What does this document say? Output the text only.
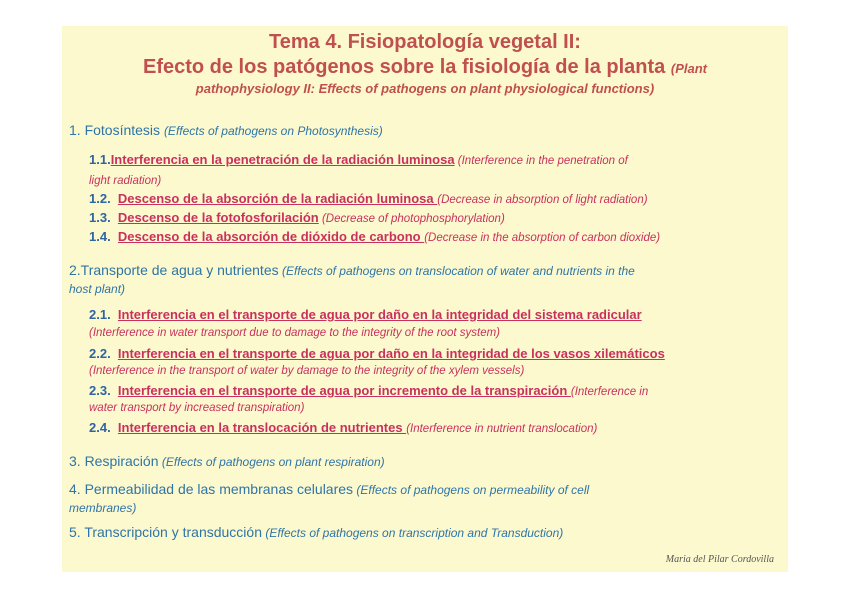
Tema 4. Fisiopatología vegetal II:
Efecto de los patógenos sobre la fisiología de la planta (Plant
pathophysiology II: Effects of pathogens on plant physiological functions)
1. Fotosíntesis (Effects of pathogens on Photosynthesis)
1.1.Interferencia en la penetración de la radiación luminosa (Interference in the penetration of
light radiation)
1.2. Descenso de la absorción de la radiación luminosa (Decrease in absorption of light radiation)
1.3. Descenso de la fotofosforilación (Decrease of photophosphorylation)
1.4. Descenso de la absorción de dióxido de carbono (Decrease in the absorption of carbon dioxide)
2.Transporte de agua y nutrientes (Effects of pathogens on translocation of water and nutrients in the
host plant)
2.1. Interferencia en el transporte de agua por daño en la integridad del sistema radicular
(Interference in water transport due to damage to the integrity of the root system)
2.2. Interferencia en el transporte de agua por daño en la integridad de los vasos xilemáticos
(Interference in the transport of water by damage to the integrity of the xylem vessels)
2.3. Interferencia en el transporte de agua por incremento de la transpiración (Interference in
water transport by increased transpiration)
2.4. Interferencia en la translocación de nutrientes (Interference in nutrient translocation)
3. Respiración (Effects of pathogens on plant respiration)
4. Permeabilidad de las membranas celulares (Effects of pathogens on permeability of cell
membranes)
5. Transcripción y transducción (Effects of pathogens on transcription and Transduction)
Maria del Pilar Cordovilla
